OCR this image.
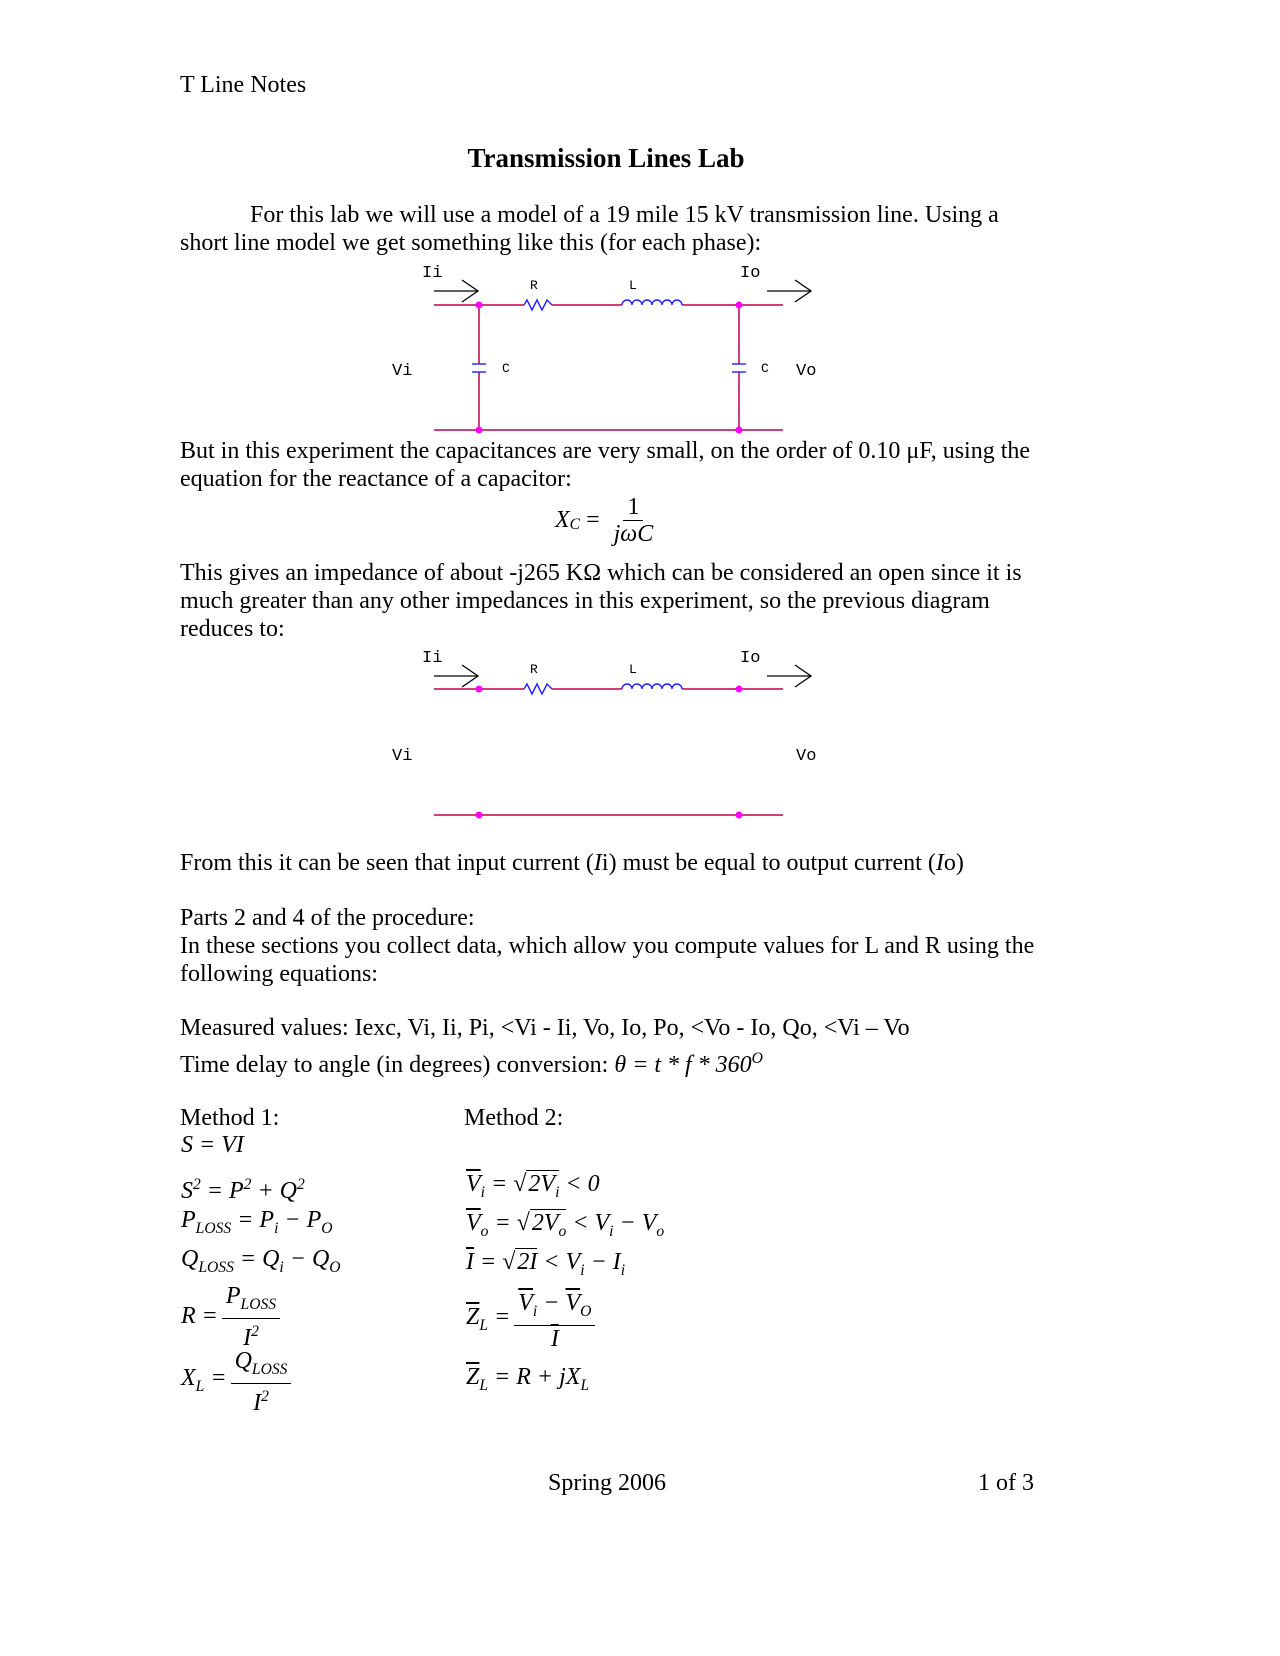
T Line Notes
Transmission Lines Lab
For this lab we will use a model of a 19 mile 15 kV transmission line. Using a
short line model we get something like this (for each phase):
Ii	Io
Vi	Vo
R	L
C	C
But in this experiment the capacitances are very small, on the order of 0.10 μF, using the
equation for the reactance of a capacitor:
$X_C = \frac{1}{\text{jωC}}$
This gives an impedance of about -j265 KΩ which can be considered an open since it is
much greater than any other impedances in this experiment, so the previous diagram
reduces to:
Ii	Io
Vi	Vo
R	L
From this it can be seen that input current (Ii) must be equal to output current (Io)
Parts 2 and 4 of the procedure:
In these sections you collect data, which allow you compute values for L and R using the
following equations:
Measured values: Iexc, Vi, Ii, Pi, <Vi - Ii, Vo, Io, Po, <Vo - Io, Qo, <Vi – Vo
Time delay to angle (in degrees) conversion: $\theta = t * f * 360^O$
Method 1:	Method 2:
S = VI
$S^2 = P^2 + Q^2$
$P_{LOSS} = P_i - P_O$
$Q_{LOSS} = Q_i - Q_O$
$R = \frac{P_{LOSS}}{I^2}$
$X_L = \frac{Q_{LOSS}}{I^2}$
$\overline{V}_i = √2V_i < 0$
$\overline{V}_o = √2V_o < V_i - V_o$
$\overline{I} = √2I < V_i - I_i$
$\overline{Z}_L = \frac{\overline{V}_i - \overline{V}_O}{I}$
$\overline{Z}_L = R + jX_L$
Spring 2006	1 of 3
